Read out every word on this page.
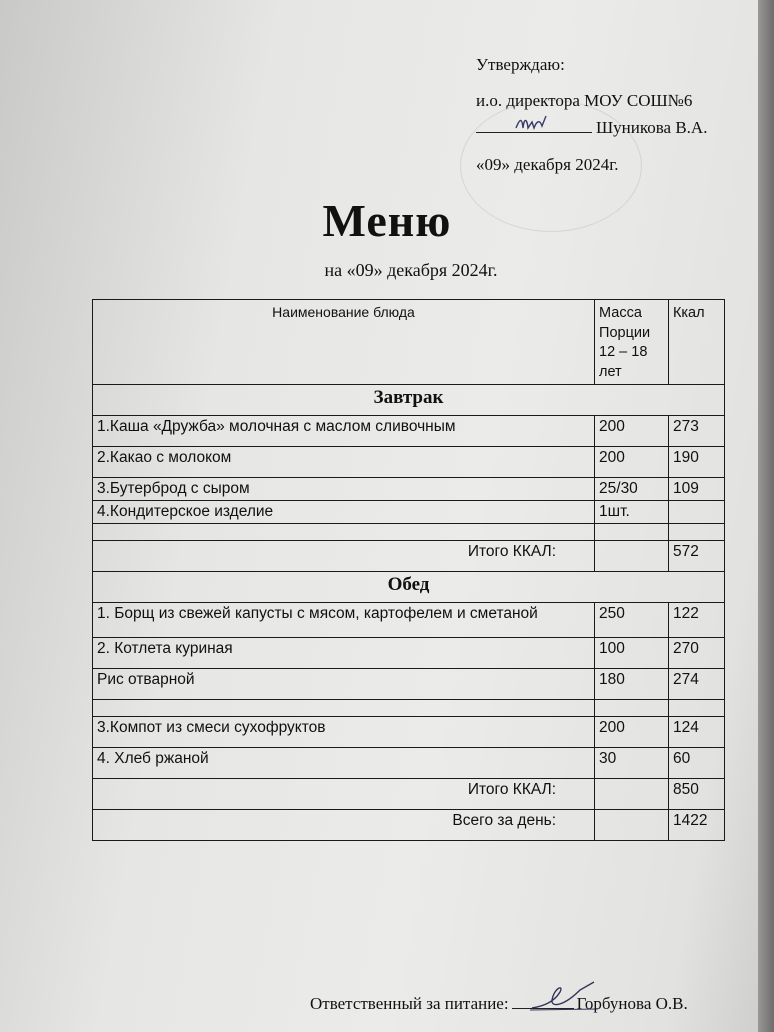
Утверждаю:
и.о. директора МОУ СОШ№6
Шуникова В.А.
«09» декабря 2024г.
Меню
на «09» декабря 2024г.
Наименование блюда	Масса Порции 12 – 18 лет	Ккал
Завтрак		
1.Каша «Дружба» молочная с маслом сливочным	200	273
2.Какао с молоком	200	190
3.Бутерброд с сыром	25/30	109
4.Кондитерское изделие	1шт.	

Итого ККАЛ:		572
Обед		
1. Борщ из свежей капусты с мясом, картофелем и сметаной	250	122
2. Котлета куриная	100	270
Рис отварной	180	274

3.Компот из смеси сухофруктов	200	124
4. Хлеб ржаной	30	60
Итого ККАЛ:		850
Всего за день:		1422
Ответственный за питание:	Горбунова О.В.
